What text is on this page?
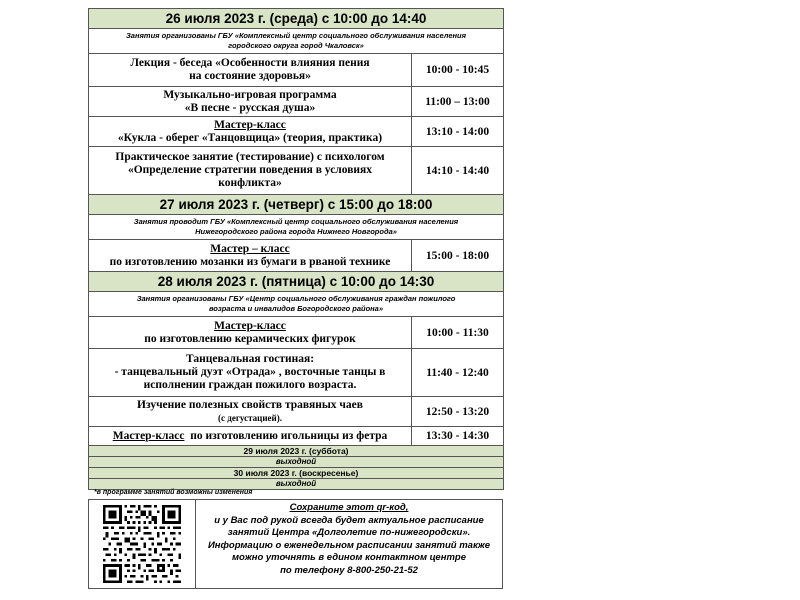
26 июля 2023 г. (среда) с 10:00 до 14:40	

Занятия организованы ГБУ «Комплексный центр социального обслуживания населения
городского округа город Чкаловск»	

Лекция - беседа «Особенности влияния пения
на состояние здоровья»	10:00 - 10:45

Музыкально-игровая программа
«В песне - русская душа»	11:00 – 13:00

Мастер-класс
«Кукла - оберег «Танцовщица» (теория, практика)	13:10 - 14:00

Практическое занятие (тестирование) с психологом
«Определение стратегии поведения в условиях
конфликта»	14:10 - 14:40
27 июля 2023 г. (четверг) с 15:00 до 18:00	

Занятия проводит ГБУ «Комплексный центр социального обслуживания населения
Нижегородского района города Нижнего Новгорода»	

Мастер – класс
по изготовлению мозанки из бумаги в рваной технике	15:00 - 18:00
28 июля 2023 г. (пятница) с 10:00 до 14:30	

Занятия организованы ГБУ «Центр социального обслуживания граждан пожилого
возраста и инвалидов Богородского района»	

Мастер-класс
по изготовлению керамических фигурок	10:00 - 11:30

Танцевальная гостиная:
- танцевальный дуэт «Отрада» , восточные танцы в
исполнении граждан пожилого возраста.	11:40 - 12:40

Изучение полезных свойств травяных чаев
(с дегустацией).	12:50 - 13:20
Мастер-класс  по изготовлению игольницы из фетра	13:30 - 14:30
29 июля 2023 г. (суббота)	
выходной	
30 июля 2023 г. (воскресенье)	
выходной	
*в программе занятий возможны изменения
Сохраните этот qr-код,
и у Вас под рукой всегда будет актуальное расписание
занятий Центра «Долголетие по-нижегородски».
Информацию о еженедельном расписании занятий также
можно уточнять в едином контактном центре
по телефону 8-800-250-21-52
